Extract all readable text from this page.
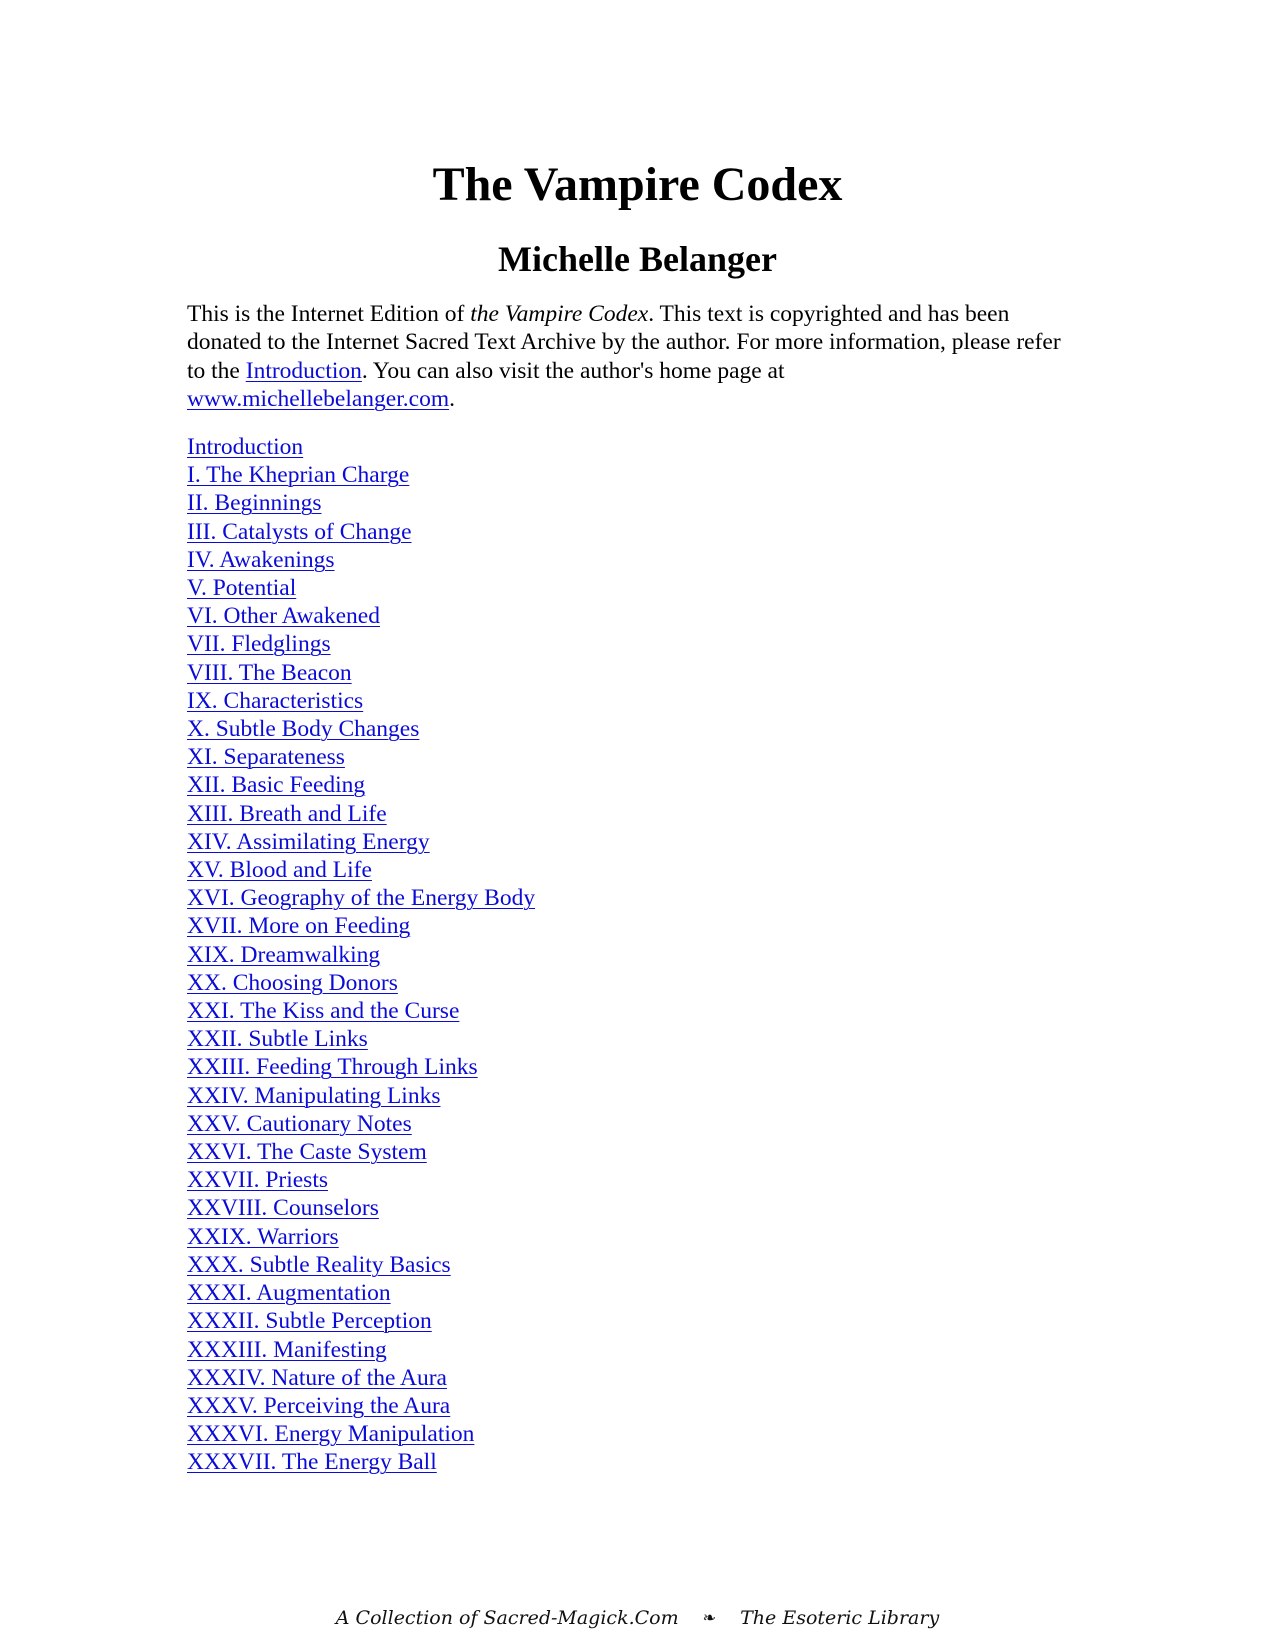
The Vampire Codex
Michelle Belanger

This is the Internet Edition of the Vampire Codex. This text is copyrighted and has been donated to the Internet Sacred Text Archive by the author. For more information, please refer to the Introduction. You can also visit the author's home page at
www.michellebelanger.com.

Introduction
I. The Kheprian Charge
II. Beginnings
III. Catalysts of Change
IV. Awakenings
V. Potential
VI. Other Awakened
VII. Fledglings
VIII. The Beacon
IX. Characteristics
X. Subtle Body Changes
XI. Separateness
XII. Basic Feeding
XIII. Breath and Life
XIV. Assimilating Energy
XV. Blood and Life
XVI. Geography of the Energy Body
XVII. More on Feeding
XIX. Dreamwalking
XX. Choosing Donors
XXI. The Kiss and the Curse
XXII. Subtle Links
XXIII. Feeding Through Links
XXIV. Manipulating Links
XXV. Cautionary Notes
XXVI. The Caste System
XXVII. Priests
XXVIII. Counselors
XXIX. Warriors
XXX. Subtle Reality Basics
XXXI. Augmentation
XXXII. Subtle Perception
XXXIII. Manifesting
XXXIV. Nature of the Aura
XXXV. Perceiving the Aura
XXXVI. Energy Manipulation
XXXVII. The Energy Ball
A Collection of Sacred-Magick.Com ❧ The Esoteric Library
